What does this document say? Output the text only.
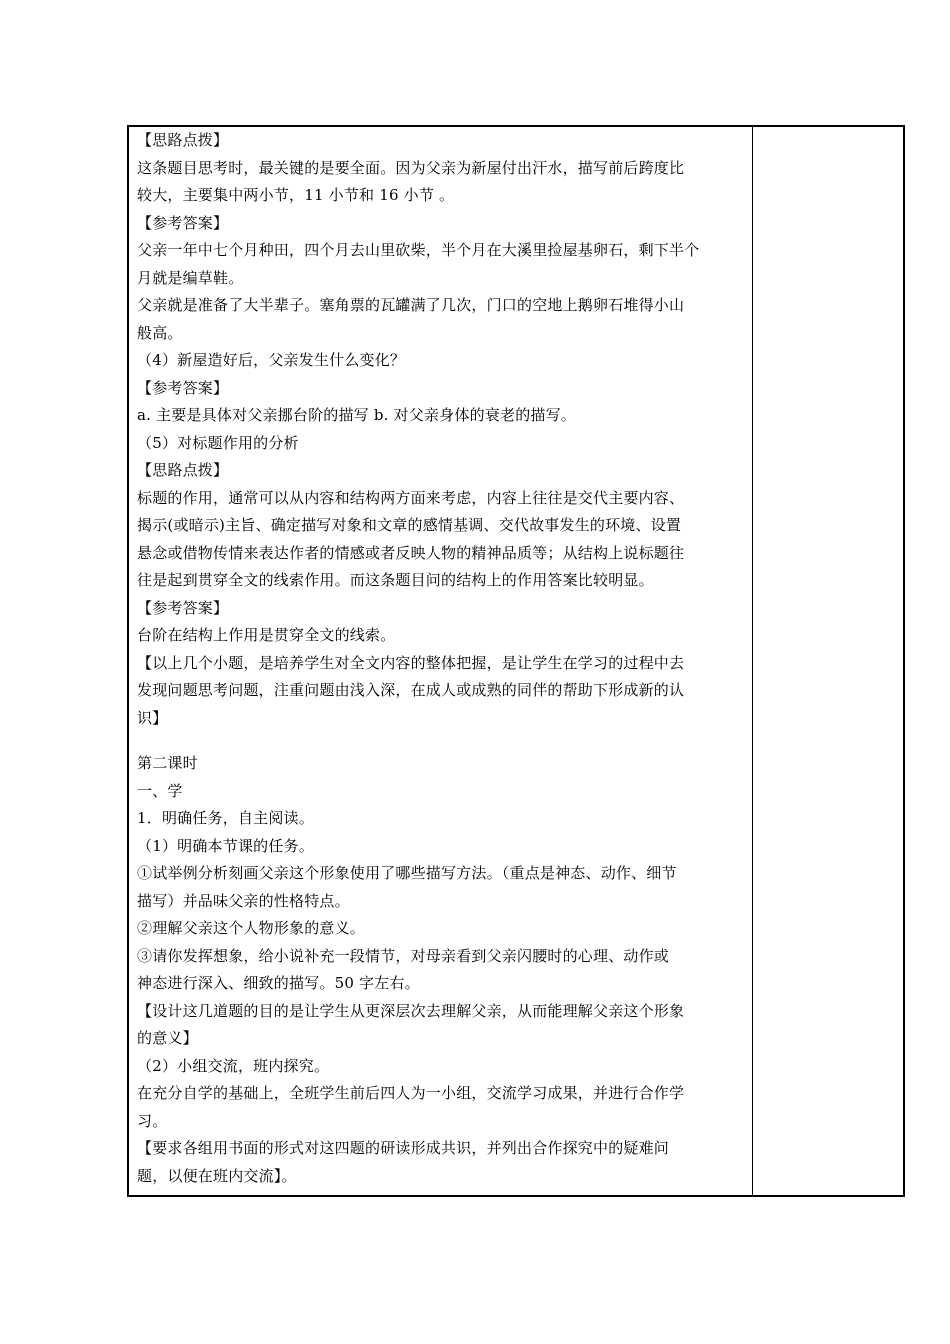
【思路点拨】

这条题目思考时，最关键的是要全面。因为父亲为新屋付出汗水，描写前后跨度比

较大，主要集中两小节，11 小节和 16 小节 。

【参考答案】

父亲一年中七个月种田，四个月去山里砍柴，半个月在大溪里捡屋基卵石，剩下半个

月就是编草鞋。

父亲就是准备了大半辈子。塞角票的瓦罐满了几次，门口的空地上鹅卵石堆得小山

般高。

（4）新屋造好后，父亲发生什么变化？

【参考答案】

a. 主要是具体对父亲挪台阶的描写 b. 对父亲身体的衰老的描写。

（5）对标题作用的分析

【思路点拨】

标题的作用，通常可以从内容和结构两方面来考虑，内容上往往是交代主要内容、

揭示(或暗示)主旨、确定描写对象和文章的感情基调、交代故事发生的环境、设置

悬念或借物传情来表达作者的情感或者反映人物的精神品质等；从结构上说标题往

往是起到贯穿全文的线索作用。而这条题目问的结构上的作用答案比较明显。

【参考答案】

台阶在结构上作用是贯穿全文的线索。

【以上几个小题，是培养学生对全文内容的整体把握，是让学生在学习的过程中去

发现问题思考问题，注重问题由浅入深，在成人或成熟的同伴的帮助下形成新的认

识】

第二课时

一、学

1．明确任务，自主阅读。

（1）明确本节课的任务。

①试举例分析刻画父亲这个形象使用了哪些描写方法。（重点是神态、动作、细节

描写）并品味父亲的性格特点。

②理解父亲这个人物形象的意义。

③请你发挥想象，给小说补充一段情节，对母亲看到父亲闪腰时的心理、动作或

神态进行深入、细致的描写。50 字左右。

【设计这几道题的目的是让学生从更深层次去理解父亲，从而能理解父亲这个形象

的意义】

（2）小组交流，班内探究。

在充分自学的基础上，全班学生前后四人为一小组，交流学习成果，并进行合作学

习。

【要求各组用书面的形式对这四题的研读形成共识，并列出合作探究中的疑难问

题，以便在班内交流】。
